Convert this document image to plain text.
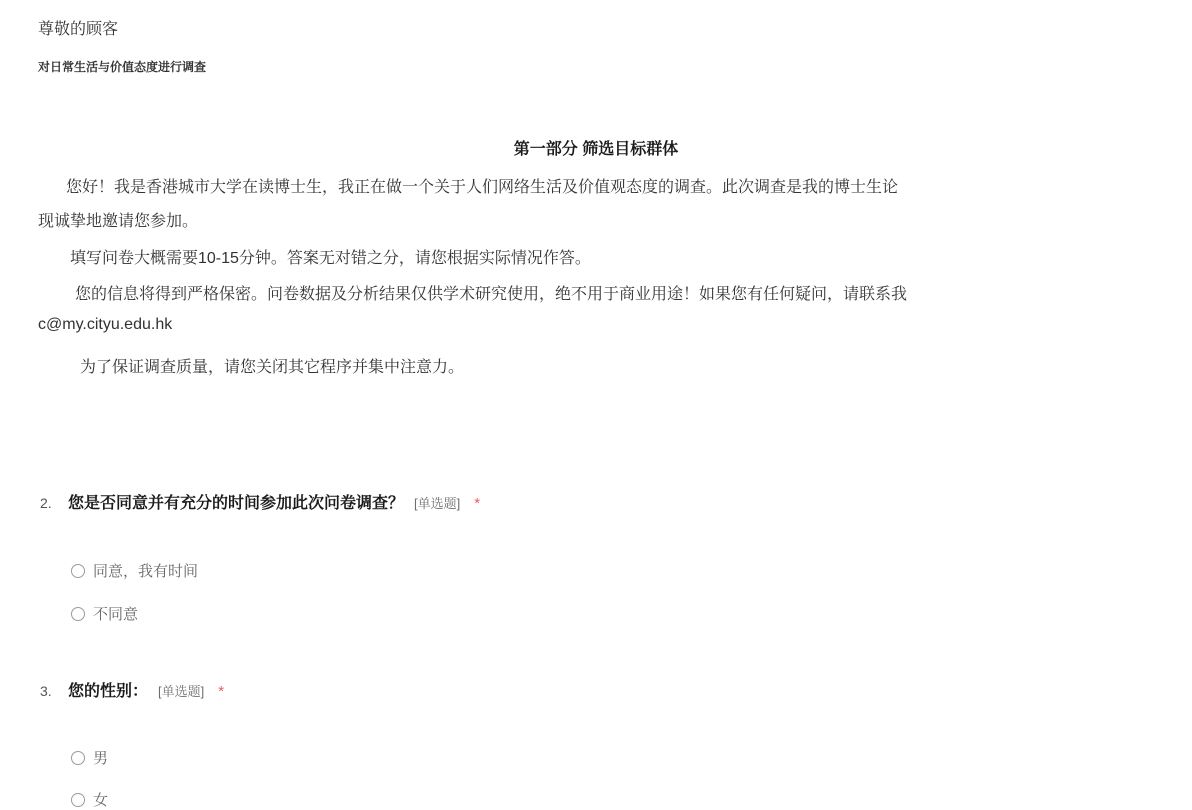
尊敬的顾客
对日常生活与价值态度进行调查
第一部分 筛选目标群体
您好！我是香港城市大学在读博士生，我正在做一个关于人们网络生活及价值观态度的调查。此次调查是我的博士生论
现诚挚地邀请您参加。
填写问卷大概需要10-15分钟。答案无对错之分，请您根据实际情况作答。
您的信息将得到严格保密。问卷数据及分析结果仅供学术研究使用，绝不用于商业用途！如果您有任何疑问，请联系我
c@my.cityu.edu.hk
为了保证调查质量，请您关闭其它程序并集中注意力。
2.	您是否同意并有充分的时间参加此次问卷调查？ [单选题] *
同意，我有时间
不同意
3.	您的性别： [单选题] *
男
女
